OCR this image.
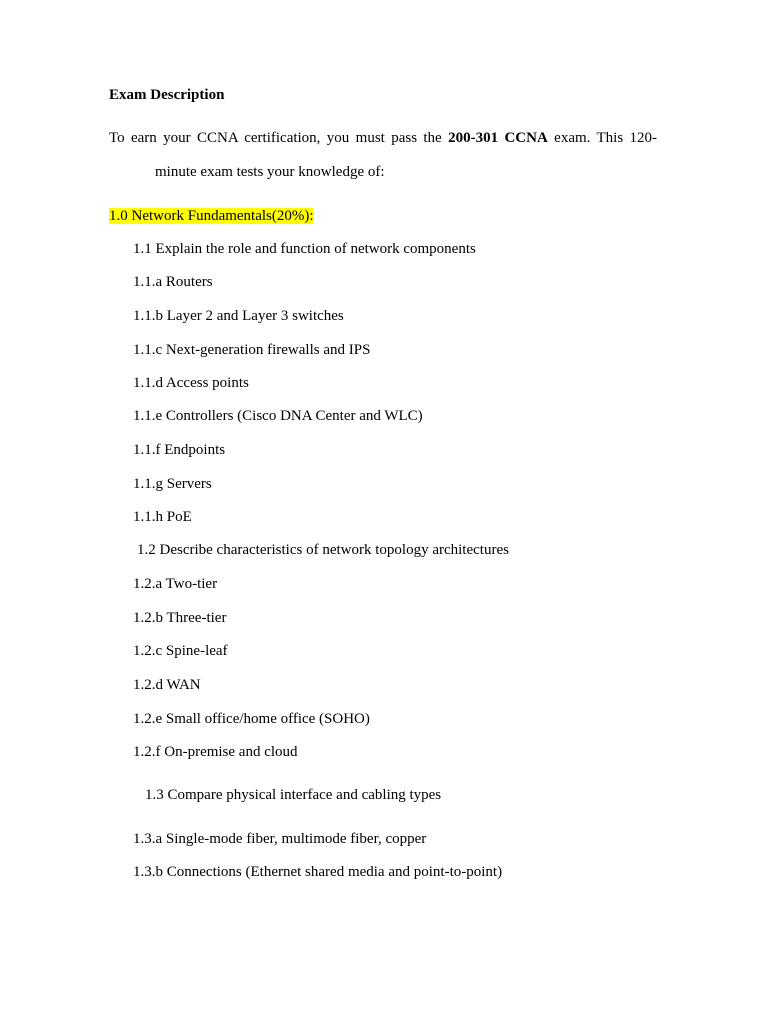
Exam Description
To earn your CCNA certification, you must pass the 200-301 CCNA exam. This 120-
minute exam tests your knowledge of:
1.0 Network Fundamentals(20%):
1.1 Explain the role and function of network components
1.1.a Routers
1.1.b Layer 2 and Layer 3 switches
1.1.c Next-generation firewalls and IPS
1.1.d Access points
1.1.e Controllers (Cisco DNA Center and WLC)
1.1.f Endpoints
1.1.g Servers
1.1.h PoE
1.2 Describe characteristics of network topology architectures
1.2.a Two-tier
1.2.b Three-tier
1.2.c Spine-leaf
1.2.d WAN
1.2.e Small office/home office (SOHO)
1.2.f On-premise and cloud
1.3 Compare physical interface and cabling types
1.3.a Single-mode fiber, multimode fiber, copper
1.3.b Connections (Ethernet shared media and point-to-point)
